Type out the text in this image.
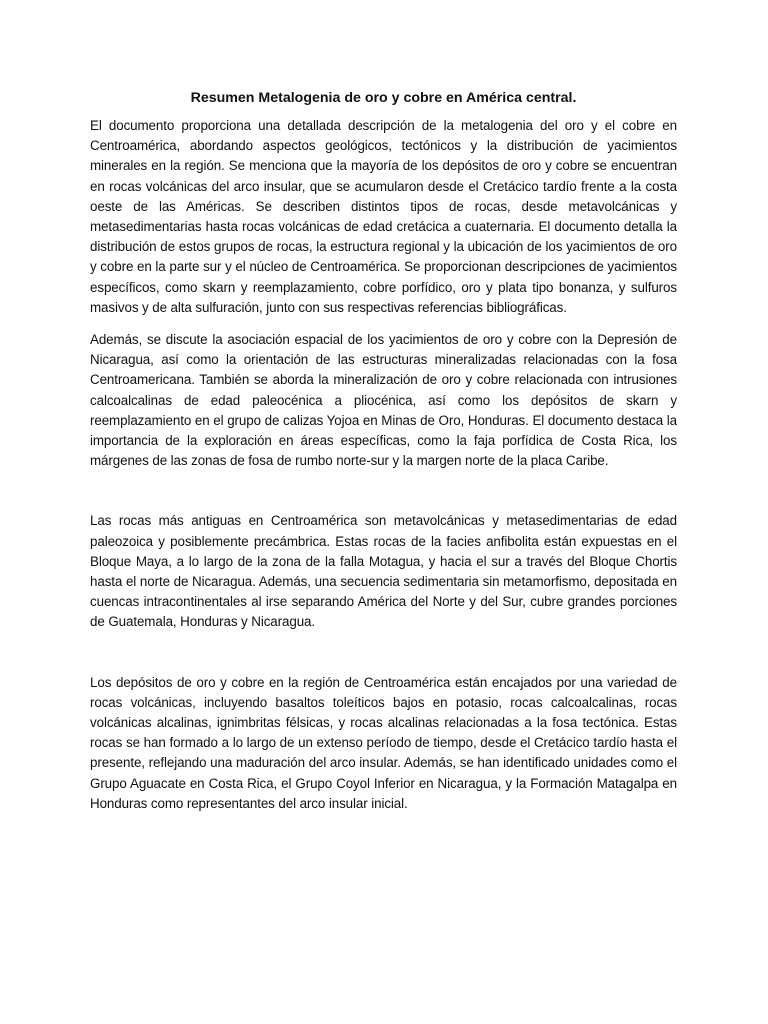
Resumen Metalogenia de oro y cobre en América central.

El documento proporciona una detallada descripción de la metalogenia del oro y el cobre en Centroamérica, abordando aspectos geológicos, tectónicos y la distribución de yacimientos minerales en la región. Se menciona que la mayoría de los depósitos de oro y cobre se encuentran en rocas volcánicas del arco insular, que se acumularon desde el Cretácico tardío frente a la costa oeste de las Américas. Se describen distintos tipos de rocas, desde metavolcánicas y metasedimentarias hasta rocas volcánicas de edad cretácica a cuaternaria. El documento detalla la distribución de estos grupos de rocas, la estructura regional y la ubicación de los yacimientos de oro y cobre en la parte sur y el núcleo de Centroamérica. Se proporcionan descripciones de yacimientos específicos, como skarn y reemplazamiento, cobre porfídico, oro y plata tipo bonanza, y sulfuros masivos y de alta sulfuración, junto con sus respectivas referencias bibliográficas.

Además, se discute la asociación espacial de los yacimientos de oro y cobre con la Depresión de Nicaragua, así como la orientación de las estructuras mineralizadas relacionadas con la fosa Centroamericana. También se aborda la mineralización de oro y cobre relacionada con intrusiones calcoalcalinas de edad paleocénica a pliocénica, así como los depósitos de skarn y reemplazamiento en el grupo de calizas Yojoa en Minas de Oro, Honduras. El documento destaca la importancia de la exploración en áreas específicas, como la faja porfídica de Costa Rica, los márgenes de las zonas de fosa de rumbo norte-sur y la margen norte de la placa Caribe.

Las rocas más antiguas en Centroamérica son metavolcánicas y metasedimentarias de edad paleozoica y posiblemente precámbrica. Estas rocas de la facies anfibolita están expuestas en el Bloque Maya, a lo largo de la zona de la falla Motagua, y hacia el sur a través del Bloque Chortis hasta el norte de Nicaragua. Además, una secuencia sedimentaria sin metamorfismo, depositada en cuencas intracontinentales al irse separando América del Norte y del Sur, cubre grandes porciones de Guatemala, Honduras y Nicaragua.

Los depósitos de oro y cobre en la región de Centroamérica están encajados por una variedad de rocas volcánicas, incluyendo basaltos toleíticos bajos en potasio, rocas calcoalcalinas, rocas volcánicas alcalinas, ignimbritas félsicas, y rocas alcalinas relacionadas a la fosa tectónica. Estas rocas se han formado a lo largo de un extenso período de tiempo, desde el Cretácico tardío hasta el presente, reflejando una maduración del arco insular. Además, se han identificado unidades como el Grupo Aguacate en Costa Rica, el Grupo Coyol Inferior en Nicaragua, y la Formación Matagalpa en Honduras como representantes del arco insular inicial.
